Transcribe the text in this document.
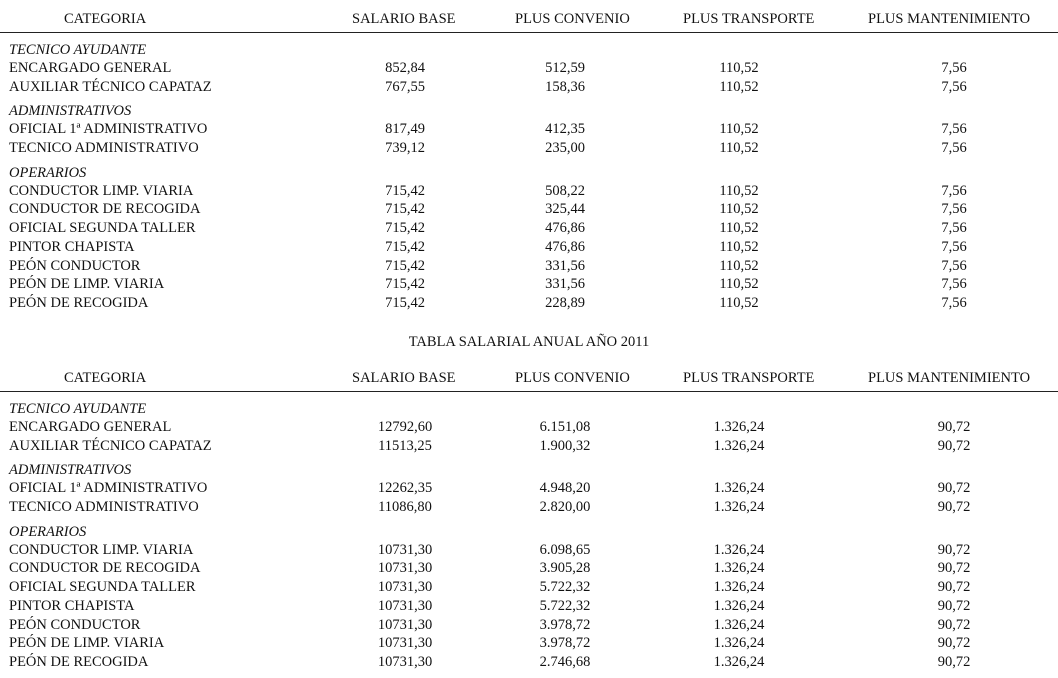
CATEGORIA	SALARIO BASE	PLUS CONVENIO	PLUS TRANSPORTE	PLUS MANTENIMIENTO
TECNICO AYUDANTE
ENCARGADO GENERAL	852,84	512,59	110,52	7,56
AUXILIAR TÉCNICO CAPATAZ	767,55	158,36	110,52	7,56
ADMINISTRATIVOS
OFICIAL 1ª ADMINISTRATIVO	817,49	412,35	110,52	7,56
TECNICO ADMINISTRATIVO	739,12	235,00	110,52	7,56
OPERARIOS
CONDUCTOR LIMP. VIARIA	715,42	508,22	110,52	7,56
CONDUCTOR DE RECOGIDA	715,42	325,44	110,52	7,56
OFICIAL SEGUNDA TALLER	715,42	476,86	110,52	7,56
PINTOR CHAPISTA	715,42	476,86	110,52	7,56
PEÓN CONDUCTOR	715,42	331,56	110,52	7,56
PEÓN DE LIMP. VIARIA	715,42	331,56	110,52	7,56
PEÓN DE RECOGIDA	715,42	228,89	110,52	7,56
TABLA SALARIAL ANUAL AÑO 2011
CATEGORIA	SALARIO BASE	PLUS CONVENIO	PLUS TRANSPORTE	PLUS MANTENIMIENTO
TECNICO AYUDANTE
ENCARGADO GENERAL	12792,60	6.151,08	1.326,24	90,72
AUXILIAR TÉCNICO CAPATAZ	11513,25	1.900,32	1.326,24	90,72
ADMINISTRATIVOS
OFICIAL 1ª ADMINISTRATIVO	12262,35	4.948,20	1.326,24	90,72
TECNICO ADMINISTRATIVO	11086,80	2.820,00	1.326,24	90,72
OPERARIOS
CONDUCTOR LIMP. VIARIA	10731,30	6.098,65	1.326,24	90,72
CONDUCTOR DE RECOGIDA	10731,30	3.905,28	1.326,24	90,72
OFICIAL SEGUNDA TALLER	10731,30	5.722,32	1.326,24	90,72
PINTOR CHAPISTA	10731,30	5.722,32	1.326,24	90,72
PEÓN CONDUCTOR	10731,30	3.978,72	1.326,24	90,72
PEÓN DE LIMP. VIARIA	10731,30	3.978,72	1.326,24	90,72
PEÓN DE RECOGIDA	10731,30	2.746,68	1.326,24	90,72
